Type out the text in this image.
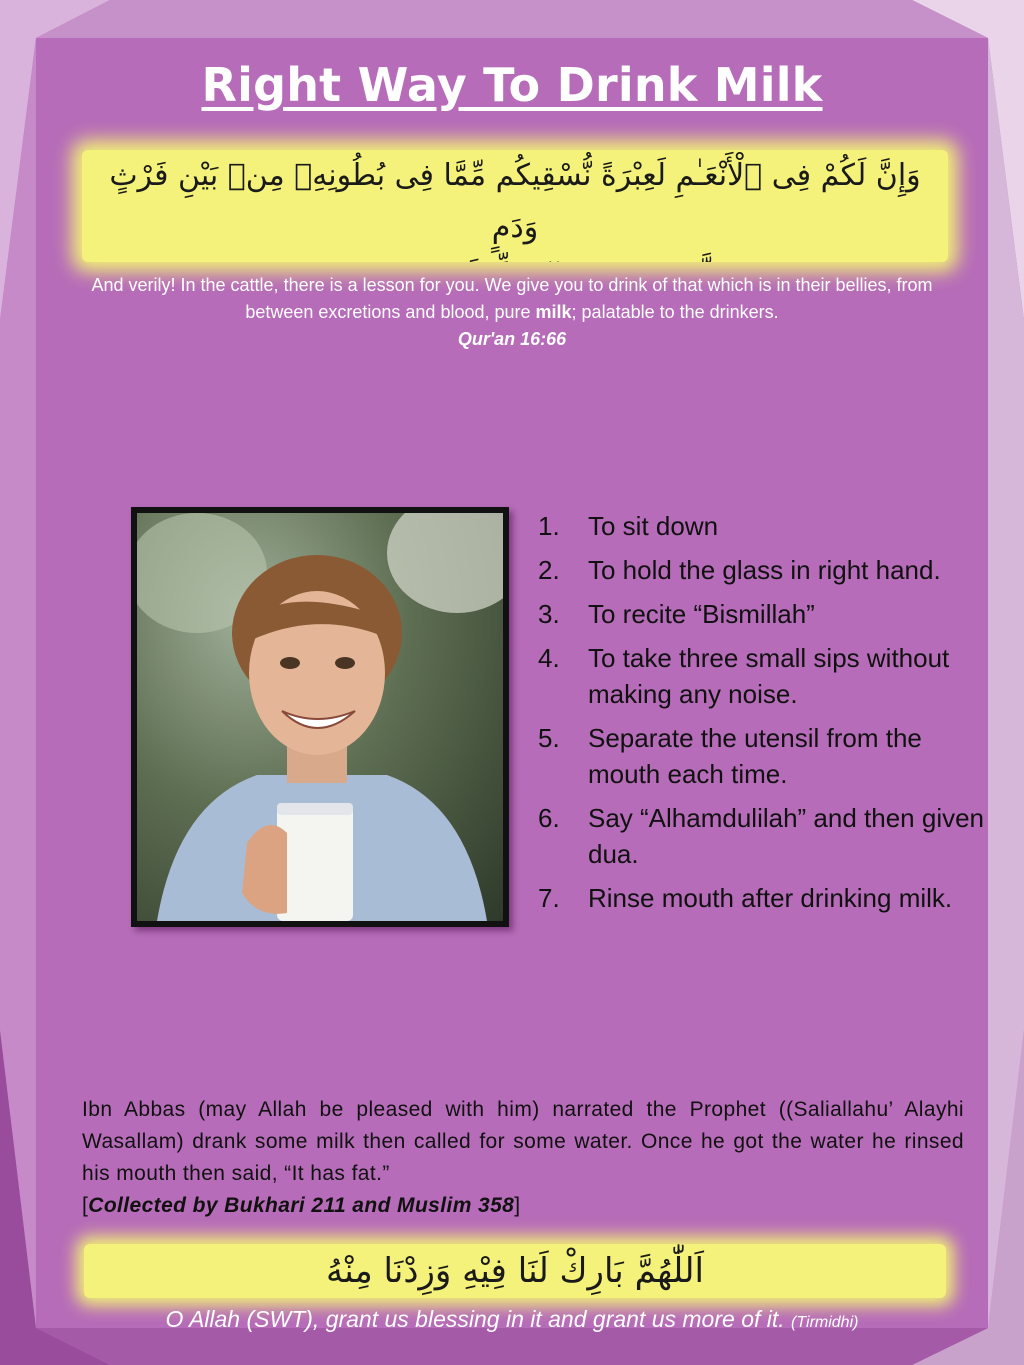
Right Way To Drink Milk
وَإِنَّ لَكُمْ فِى ٱلْأَنْعَـٰمِ لَعِبْرَةً نُّسْقِيكُم مِّمَّا فِى بُطُونِهِۦ مِنۢ بَيْنِ فَرْثٍ وَدَمٍ
And verily! In the cattle, there is a lesson for you. We give you to drink of that which is in their bellies, from between excretions and blood, pure milk; palatable to the drinkers.
Qur'an 16:66
1.	To sit down
2.	To hold the glass in right hand.
3.	To recite “Bismillah”
4.	To take three small sips without making any noise.
5.	Separate the utensil from the mouth each time.
6.	Say “Alhamdulilah” and then given dua.
7.	Rinse mouth after drinking milk.
Ibn Abbas (may Allah be pleased with him) narrated the Prophet ((Saliallahu’ Alayhi Wasallam) drank some milk then called for some water. Once he got the water he rinsed his mouth then said, “It has fat.”
[Collected by Bukhari 211 and Muslim 358]
اَللّٰهُمَّ بَارِكْ لَنَا فِيْهِ وَزِدْنَا مِنْهُ
O Allah (SWT), grant us blessing in it and grant us more of it. (Tirmidhi)
